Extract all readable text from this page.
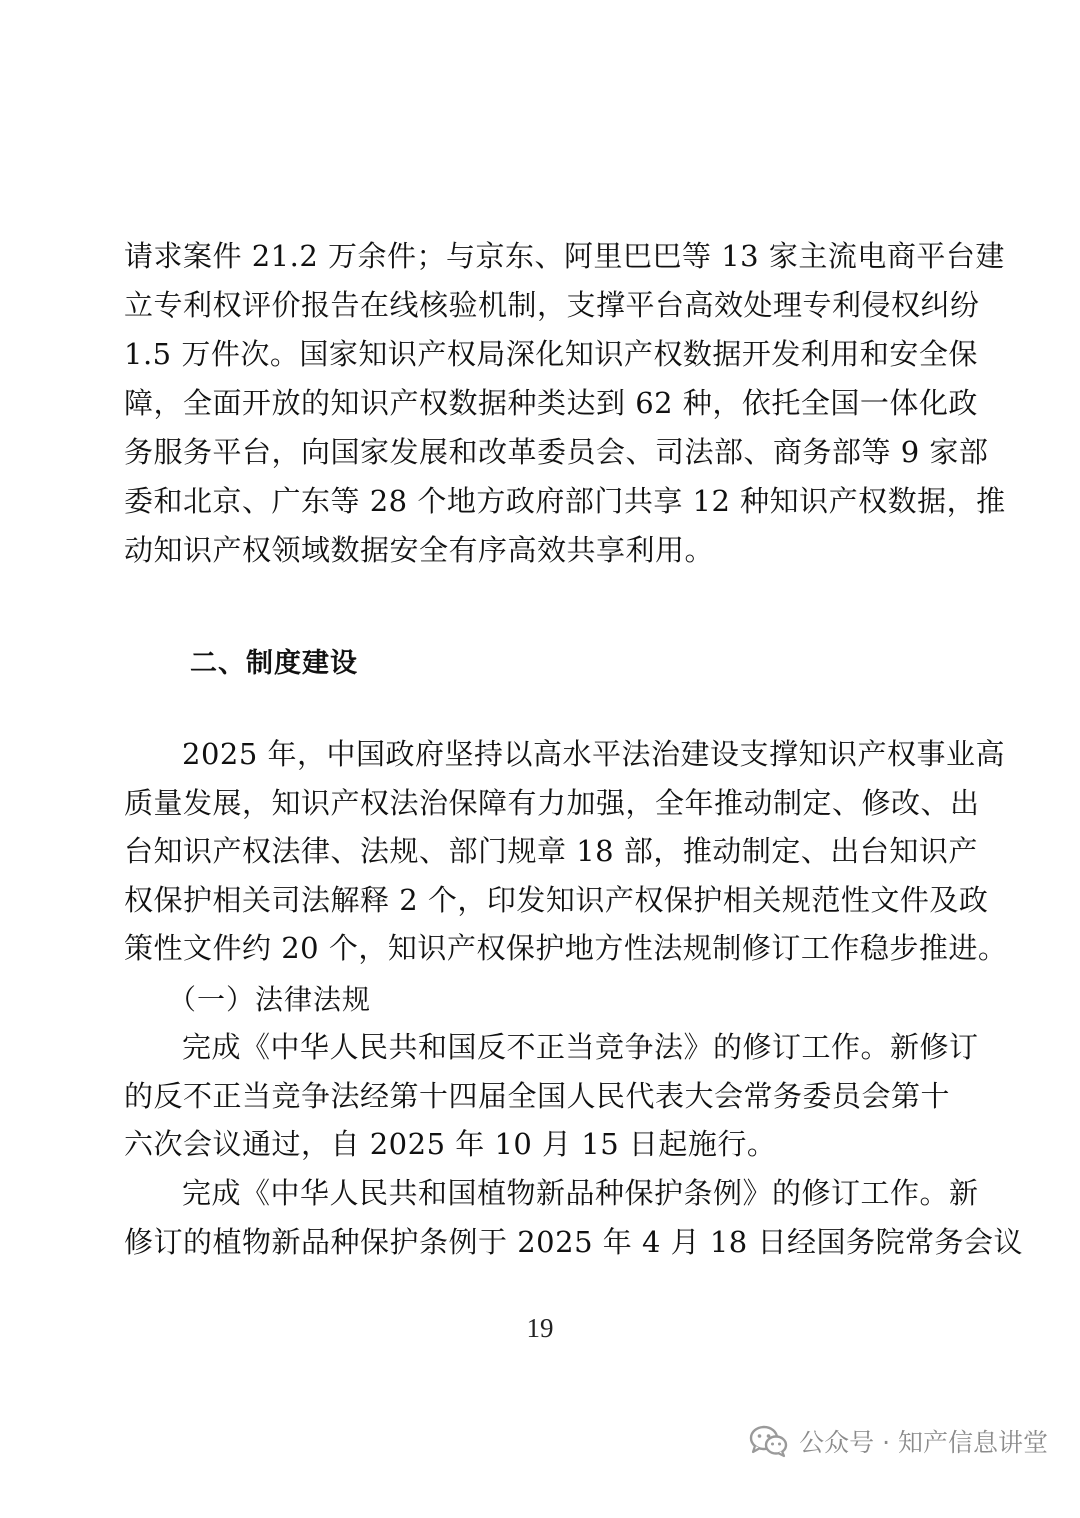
请求案件 21.2 万余件；与京东、阿里巴巴等 13 家主流电商平台建
立专利权评价报告在线核验机制，支撑平台高效处理专利侵权纠纷
1.5 万件次。国家知识产权局深化知识产权数据开发利用和安全保
障，全面开放的知识产权数据种类达到 62 种，依托全国一体化政
务服务平台，向国家发展和改革委员会、司法部、商务部等 9 家部
委和北京、广东等 28 个地方政府部门共享 12 种知识产权数据，推
动知识产权领域数据安全有序高效共享利用。
二、制度建设
2025 年，中国政府坚持以高水平法治建设支撑知识产权事业高
质量发展，知识产权法治保障有力加强，全年推动制定、修改、出
台知识产权法律、法规、部门规章 18 部，推动制定、出台知识产
权保护相关司法解释 2 个，印发知识产权保护相关规范性文件及政
策性文件约 20 个，知识产权保护地方性法规制修订工作稳步推进。
（一）法律法规
完成《中华人民共和国反不正当竞争法》的修订工作。新修订
的反不正当竞争法经第十四届全国人民代表大会常务委员会第十
六次会议通过，自 2025 年 10 月 15 日起施行。
完成《中华人民共和国植物新品种保护条例》的修订工作。新
修订的植物新品种保护条例于 2025 年 4 月 18 日经国务院常务会议
19
公众号 · 知产信息讲堂
